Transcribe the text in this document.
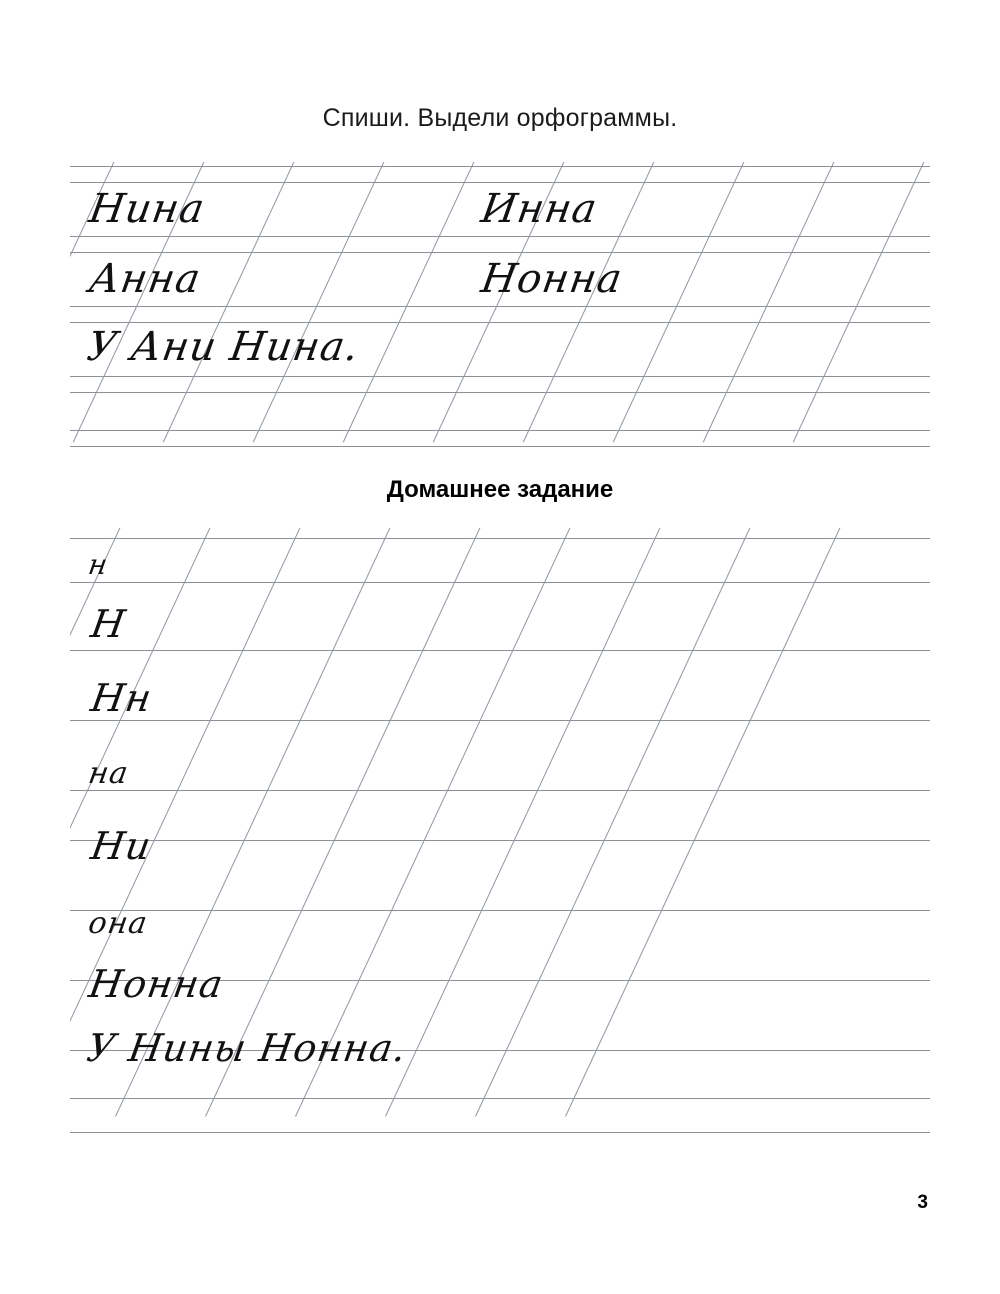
Спиши. Выдели орфограммы.
Нина	Инна
Анна	Нонна
У Ани Нина.
Домашнее задание
н
Н
Нн
на
Ни
она
Нонна
У Нины Нонна.
3
